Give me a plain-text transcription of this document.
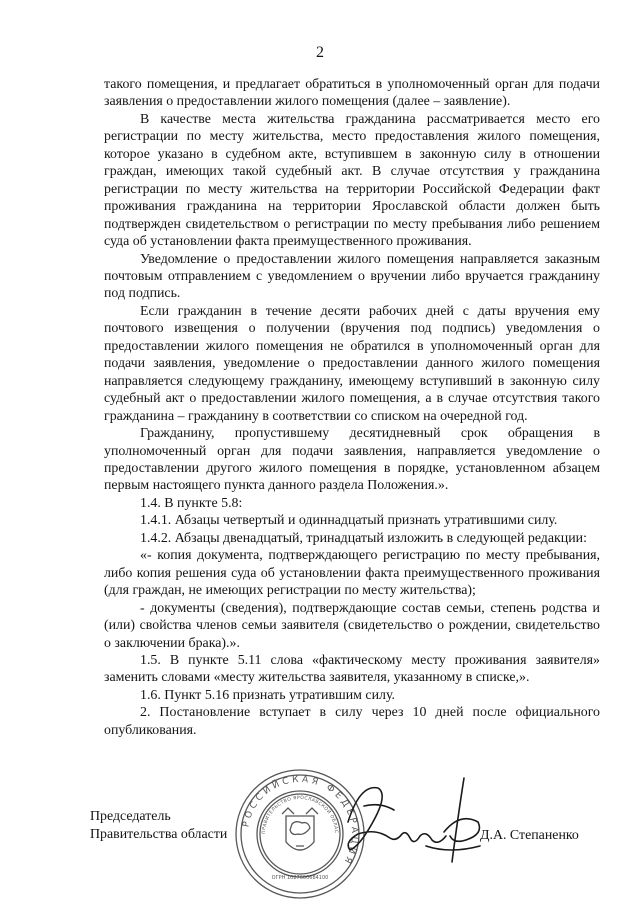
2

такого помещения, и предлагает обратиться в уполномоченный орган для подачи заявления о предоставлении жилого помещения (далее – заявление).

В качестве места жительства гражданина рассматривается место его регистрации по месту жительства, место предоставления жилого помещения, которое указано в судебном акте, вступившем в законную силу в отношении граждан, имеющих такой судебный акт. В случае отсутствия у гражданина регистрации по месту жительства на территории Российской Федерации факт проживания гражданина на территории Ярославской области должен быть подтвержден свидетельством о регистрации по месту пребывания либо решением суда об установлении факта преимущественного проживания.

Уведомление о предоставлении жилого помещения направляется заказным почтовым отправлением с уведомлением о вручении либо вручается гражданину под подпись.

Если гражданин в течение десяти рабочих дней с даты вручения ему почтового извещения о получении (вручения под подпись) уведомления о предоставлении жилого помещения не обратился в уполномоченный орган для подачи заявления, уведомление о предоставлении данного жилого помещения направляется следующему гражданину, имеющему вступивший в законную силу судебный акт о предоставлении жилого помещения, а в случае отсутствия такого гражданина – гражданину в соответствии со списком на очередной год.

Гражданину, пропустившему десятидневный срок обращения в уполномоченный орган для подачи заявления, направляется уведомление о предоставлении другого жилого помещения в порядке, установленном абзацем первым настоящего пункта данного раздела Положения.».

1.4. В пункте 5.8:

1.4.1. Абзацы четвертый и одиннадцатый признать утратившими силу.

1.4.2. Абзацы двенадцатый, тринадцатый изложить в следующей редакции:

«- копия документа, подтверждающего регистрацию по месту пребывания, либо копия решения суда об установлении факта преимущественного проживания (для граждан, не имеющих регистрации по месту жительства);

- документы (сведения), подтверждающие состав семьи, степень родства и (или) свойства членов семьи заявителя (свидетельство о рождении, свидетельство о заключении брака).».

1.5. В пункте 5.11 слова «фактическому месту проживания заявителя» заменить словами «месту жительства заявителя, указанному в списке,».

1.6. Пункт 5.16 признать утратившим силу.

2. Постановление вступает в силу через 10 дней после официального опубликования.

Председатель
Правительства области
РОССИЙСКАЯ ФЕДЕРАЦИЯ
ПРАВИТЕЛЬСТВО ЯРОСЛАВСКОЙ ОБЛАС
ОГРН 1027600684100
Д.А. Степаненко
